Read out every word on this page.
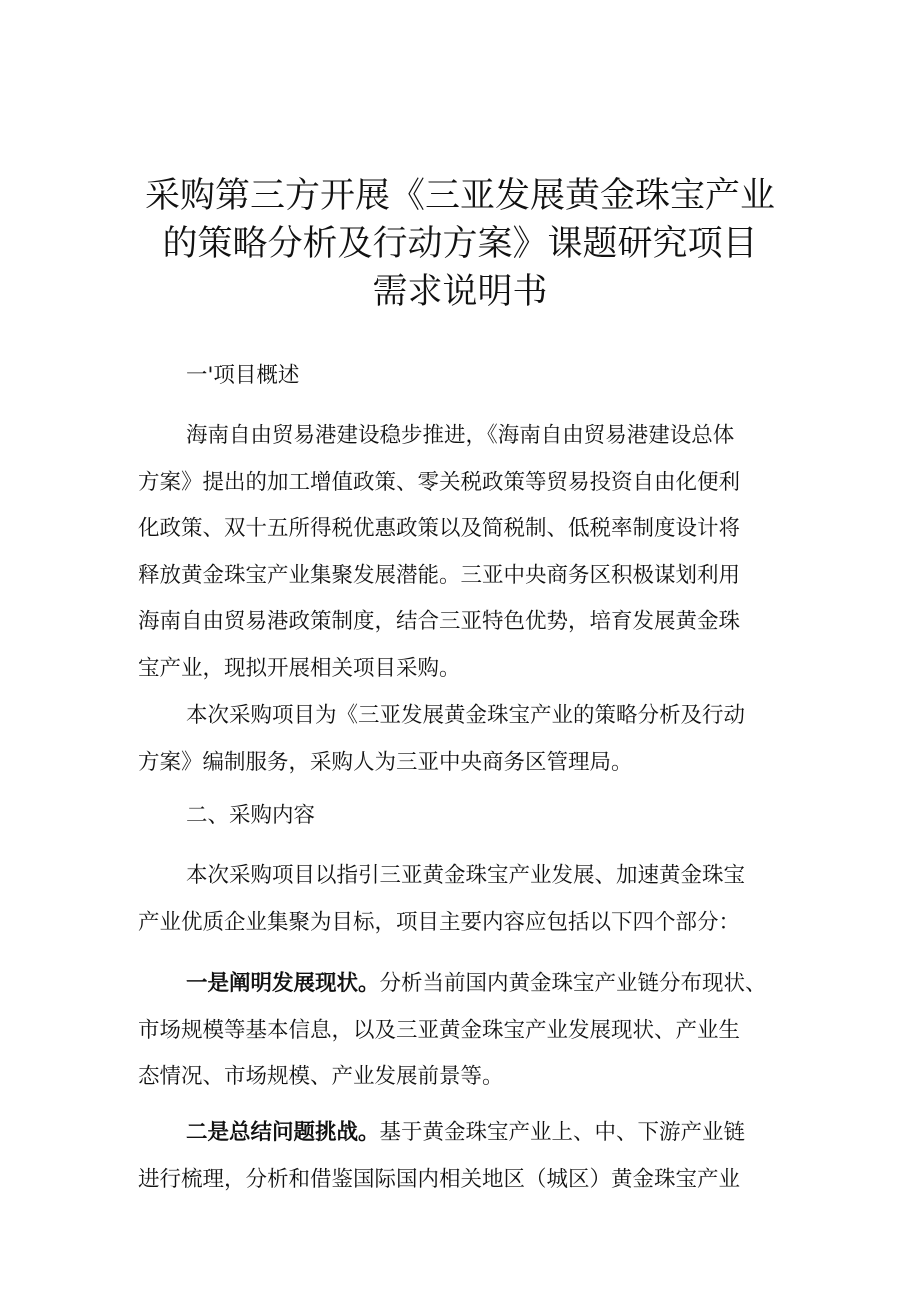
采购第三方开展《三亚发展黄金珠宝产业
的策略分析及行动方案》课题研究项目
需求说明书

一'项目概述

海南自由贸易港建设稳步推进，《海南自由贸易港建设总体
方案》提出的加工增值政策、零关税政策等贸易投资自由化便利
化政策、双十五所得税优惠政策以及简税制、低税率制度设计将
释放黄金珠宝产业集聚发展潜能。三亚中央商务区积极谋划利用
海南自由贸易港政策制度，结合三亚特色优势，培育发展黄金珠
宝产业，现拟开展相关项目采购。

本次采购项目为《三亚发展黄金珠宝产业的策略分析及行动
方案》编制服务，采购人为三亚中央商务区管理局。

二、采购内容

本次采购项目以指引三亚黄金珠宝产业发展、加速黄金珠宝
产业优质企业集聚为目标，项目主要内容应包括以下四个部分：

一是阐明发展现状。分析当前国内黄金珠宝产业链分布现状、
市场规模等基本信息，以及三亚黄金珠宝产业发展现状、产业生
态情况、市场规模、产业发展前景等。

二是总结问题挑战。基于黄金珠宝产业上、中、下游产业链
进行梳理，分析和借鉴国际国内相关地区（城区）黄金珠宝产业
